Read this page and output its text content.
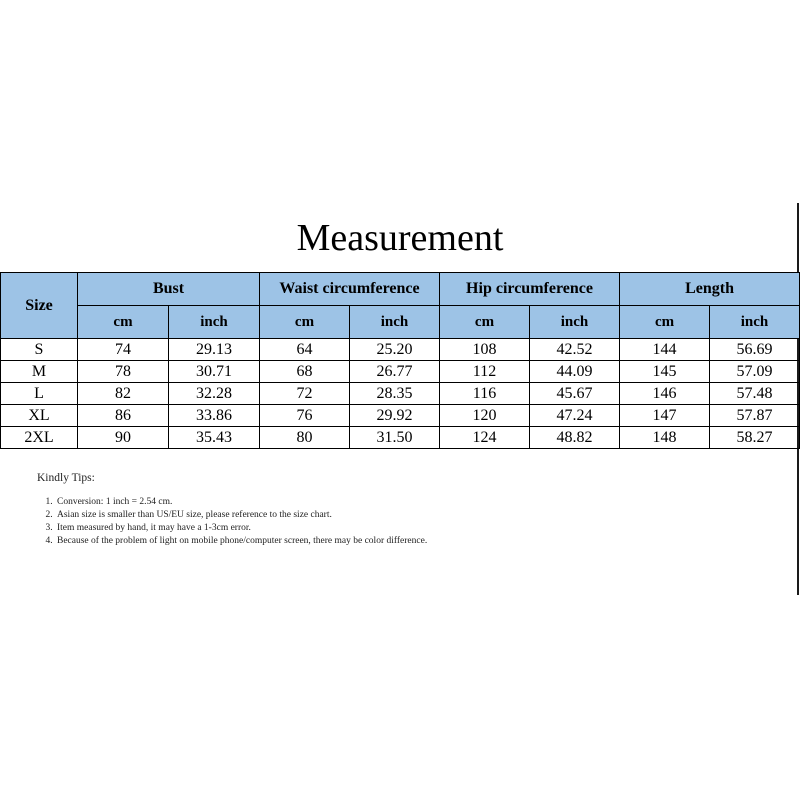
Measurement
Size	Bust		Waist circumference		Hip circumference		Length	
	cm	inch	cm	inch	cm	inch	cm	inch
S	74	29.13	64	25.20	108	42.52	144	56.69
M	78	30.71	68	26.77	112	44.09	145	57.09
L	82	32.28	72	28.35	116	45.67	146	57.48
XL	86	33.86	76	29.92	120	47.24	147	57.87
2XL	90	35.43	80	31.50	124	48.82	148	58.27
Kindly Tips:
1. Conversion: 1 inch = 2.54 cm.
2. Asian size is smaller than US/EU size, please reference to the size chart.
3. Item measured by hand, it may have a 1-3cm error.
4. Because of the problem of light on mobile phone/computer screen, there may be color difference.
